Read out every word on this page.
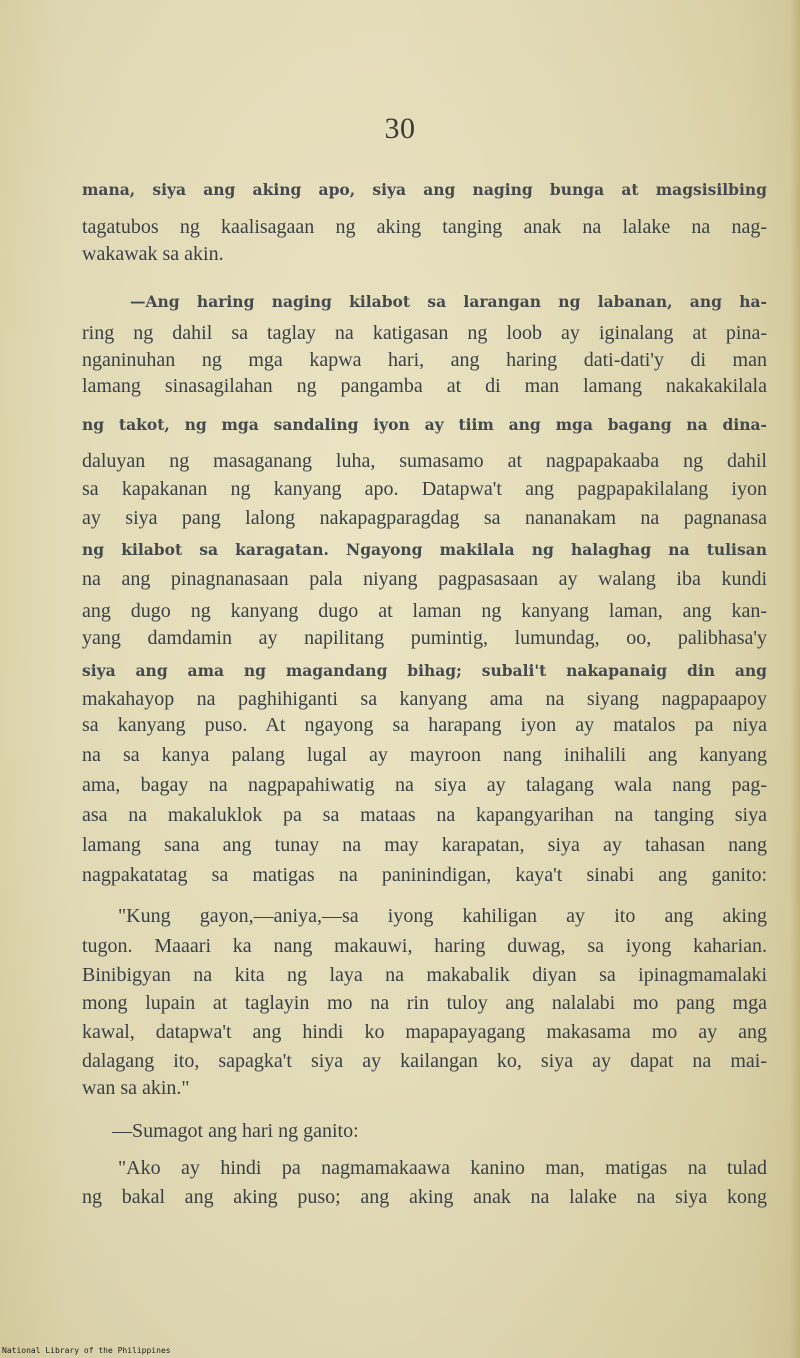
30
mana, siya ang aking apo, siya ang naging bunga at magsisilbing
tagatubos ng kaalisagaan ng aking tanging anak na lalake na nag-
wakawak sa akin.
—Ang haring naging kilabot sa larangan ng labanan, ang ha-
ring ng dahil sa taglay na katigasan ng loob ay iginalang at pina-
nganinuhan ng mga kapwa hari, ang haring dati-dati'y di man
lamang sinasagilahan ng pangamba at di man lamang nakakakilala
ng takot, ng mga sandaling iyon ay tiim ang mga bagang na dina-
daluyan ng masaganang luha, sumasamo at nagpapakaaba ng dahil
sa kapakanan ng kanyang apo. Datapwa't ang pagpapakilalang iyon
ay siya pang lalong nakapagparagdag sa nananakam na pagnanasa
ng kilabot sa karagatan. Ngayong makilala ng halaghag na tulisan
na ang pinagnanasaan pala niyang pagpasasaan ay walang iba kundi
ang dugo ng kanyang dugo at laman ng kanyang laman, ang kan-
yang damdamin ay napilitang pumintig, lumundag, oo, palibhasa'y
siya ang ama ng magandang bihag; subali't nakapanaig din ang
makahayop na paghihiganti sa kanyang ama na siyang nagpapaapoy
sa kanyang puso. At ngayong sa harapang iyon ay matalos pa niya
na sa kanya palang lugal ay mayroon nang inihalili ang kanyang
ama, bagay na nagpapahiwatig na siya ay talagang wala nang pag-
asa na makaluklok pa sa mataas na kapangyarihan na tanging siya
lamang sana ang tunay na may karapatan, siya ay tahasan nang
nagpakatatag sa matigas na paninindigan, kaya't sinabi ang ganito:
"Kung gayon,—aniya,—sa iyong kahiligan ay ito ang aking
tugon. Maaari ka nang makauwi, haring duwag, sa iyong kaharian.
Binibigyan na kita ng laya na makabalik diyan sa ipinagmamalaki
mong lupain at taglayin mo na rin tuloy ang nalalabi mo pang mga
kawal, datapwa't ang hindi ko mapapayagang makasama mo ay ang
dalagang ito, sapagka't siya ay kailangan ko, siya ay dapat na mai-
wan sa akin."
—Sumagot ang hari ng ganito:
"Ako ay hindi pa nagmamakaawa kanino man, matigas na tulad
ng bakal ang aking puso; ang aking anak na lalake na siya kong
National Library of the Philippines
